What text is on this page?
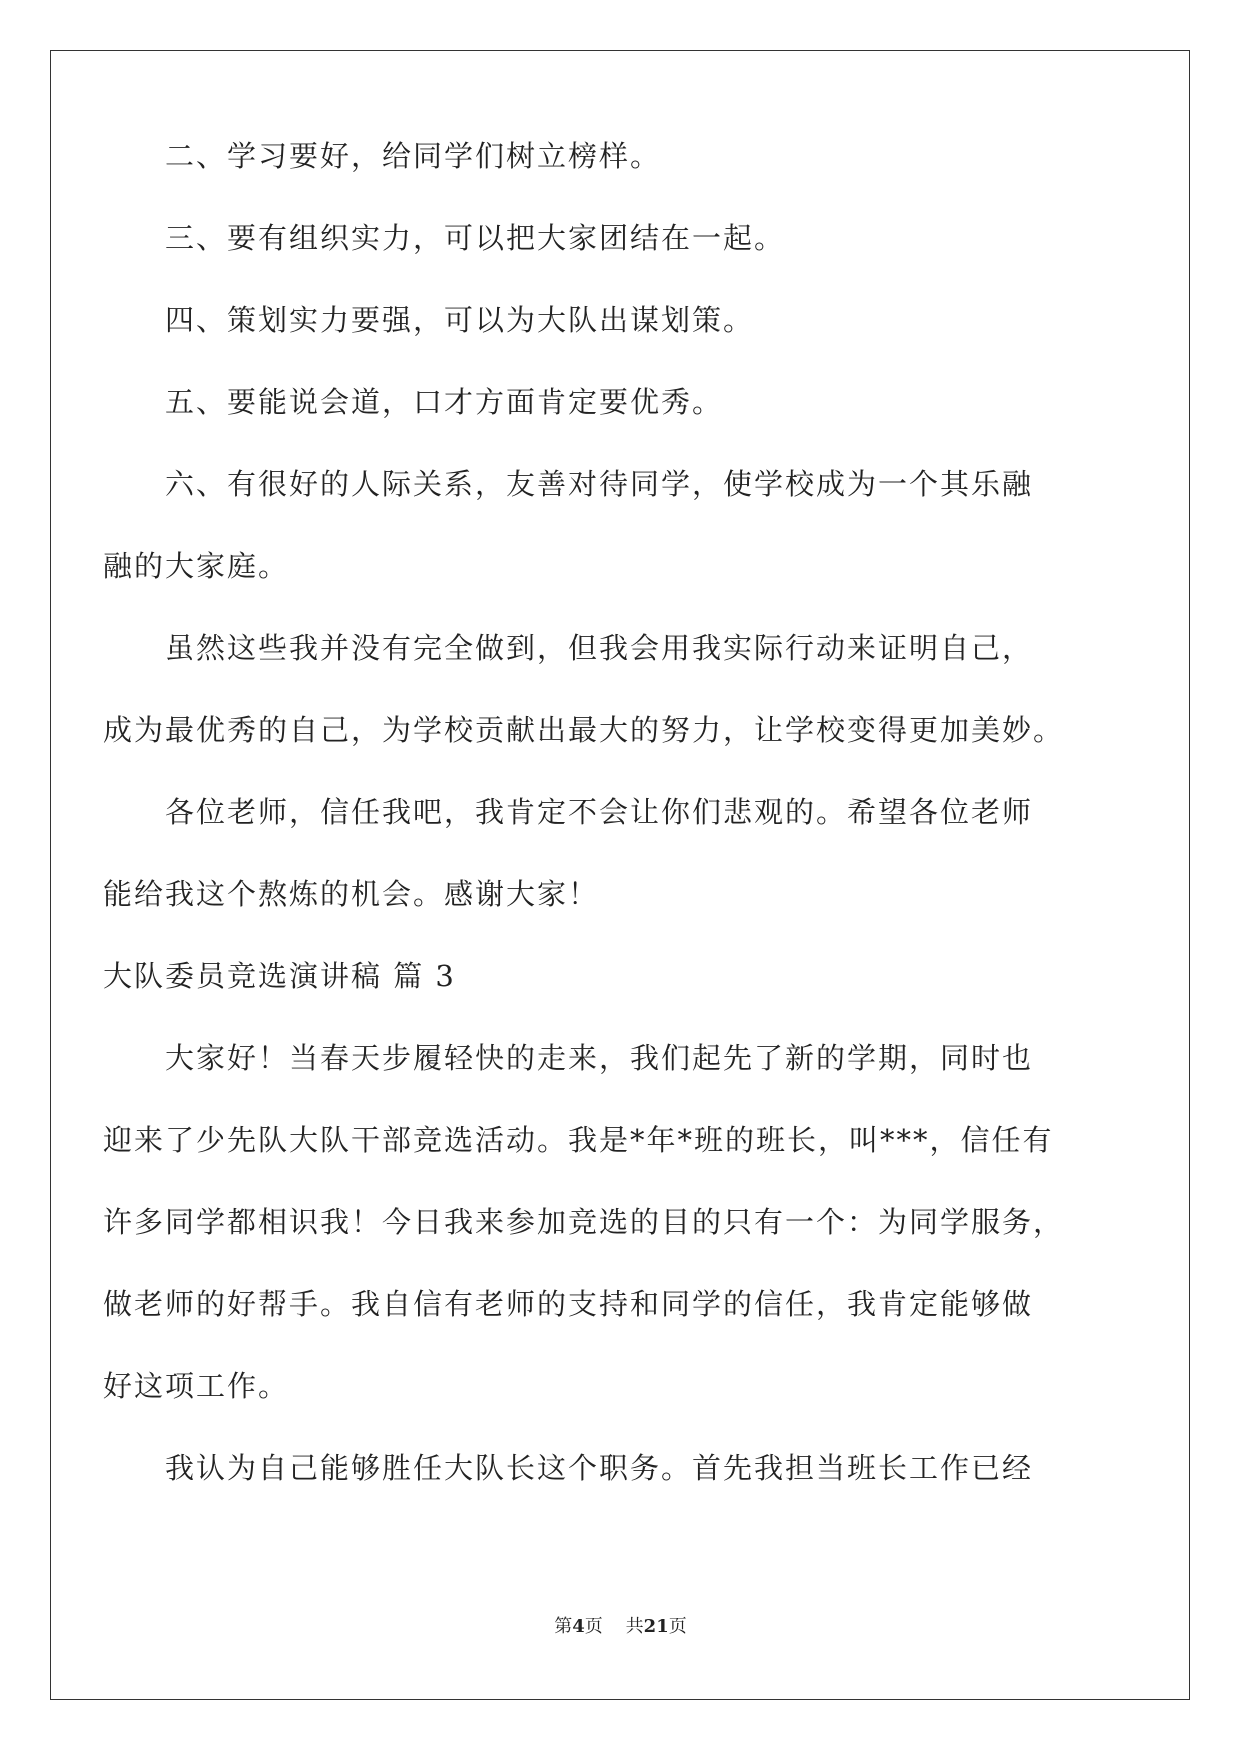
二、学习要好，给同学们树立榜样。
三、要有组织实力，可以把大家团结在一起。
四、策划实力要强，可以为大队出谋划策。
五、要能说会道，口才方面肯定要优秀。
六、有很好的人际关系，友善对待同学，使学校成为一个其乐融
融的大家庭。
虽然这些我并没有完全做到，但我会用我实际行动来证明自己，
成为最优秀的自己，为学校贡献出最大的努力，让学校变得更加美妙。
各位老师，信任我吧，我肯定不会让你们悲观的。希望各位老师
能给我这个熬炼的机会。感谢大家！
大队委员竞选演讲稿 篇 3
大家好！当春天步履轻快的走来，我们起先了新的学期，同时也
迎来了少先队大队干部竞选活动。我是*年*班的班长，叫***，信任有
许多同学都相识我！今日我来参加竞选的目的只有一个：为同学服务，
做老师的好帮手。我自信有老师的支持和同学的信任，我肯定能够做
好这项工作。
我认为自己能够胜任大队长这个职务。首先我担当班长工作已经
第4页 共21页
